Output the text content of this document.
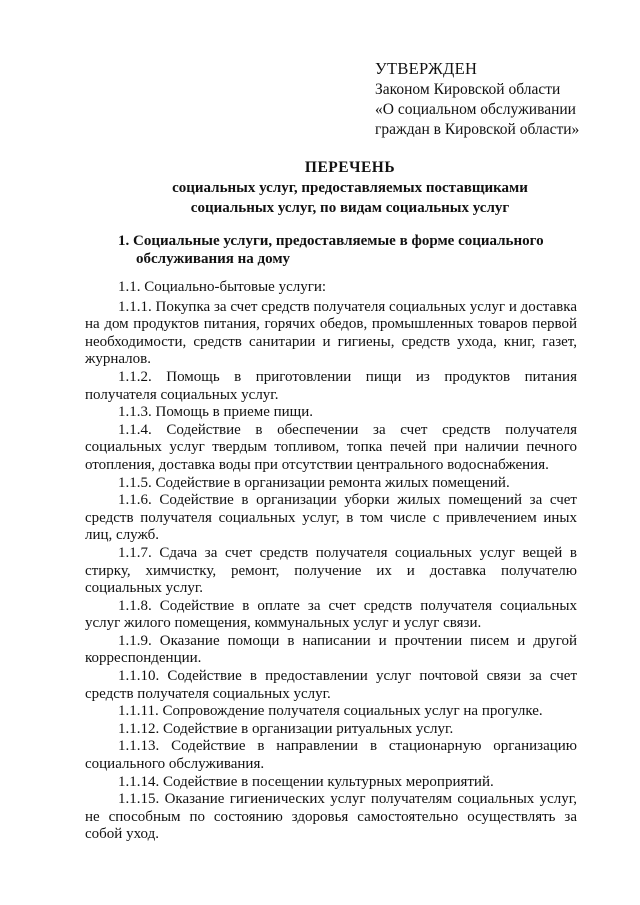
УТВЕРЖДЕН
Законом Кировской области
«О социальном обслуживании
граждан в Кировской области»
ПЕРЕЧЕНЬ
социальных услуг, предоставляемых поставщиками
социальных услуг, по видам социальных услуг
1. Социальные услуги, предоставляемые в форме социального обслуживания на дому

1.1. Социально-бытовые услуги:

1.1.1. Покупка за счет средств получателя социальных услуг и доставка на дом продуктов питания, горячих обедов, промышленных товаров первой необходимости, средств санитарии и гигиены, средств ухода, книг, газет, журналов.

1.1.2. Помощь в приготовлении пищи из продуктов питания получателя социальных услуг.

1.1.3. Помощь в приеме пищи.

1.1.4. Содействие в обеспечении за счет средств получателя социальных услуг твердым топливом, топка печей при наличии печного отопления, доставка воды при отсутствии центрального водоснабжения.

1.1.5. Содействие в организации ремонта жилых помещений.

1.1.6. Содействие в организации уборки жилых помещений за счет средств получателя социальных услуг, в том числе с привлечением иных лиц, служб.

1.1.7. Сдача за счет средств получателя социальных услуг вещей в стирку, химчистку, ремонт, получение их и доставка получателю социальных услуг.

1.1.8. Содействие в оплате за счет средств получателя социальных услуг жилого помещения, коммунальных услуг и услуг связи.

1.1.9. Оказание помощи в написании и прочтении писем и другой корреспонденции.

1.1.10. Содействие в предоставлении услуг почтовой связи за счет средств получателя социальных услуг.

1.1.11. Сопровождение получателя социальных услуг на прогулке.

1.1.12. Содействие в организации ритуальных услуг.

1.1.13. Содействие в направлении в стационарную организацию социального обслуживания.

1.1.14. Содействие в посещении культурных мероприятий.

1.1.15. Оказание гигиенических услуг получателям социальных услуг, не способным по состоянию здоровья самостоятельно осуществлять за собой уход.
